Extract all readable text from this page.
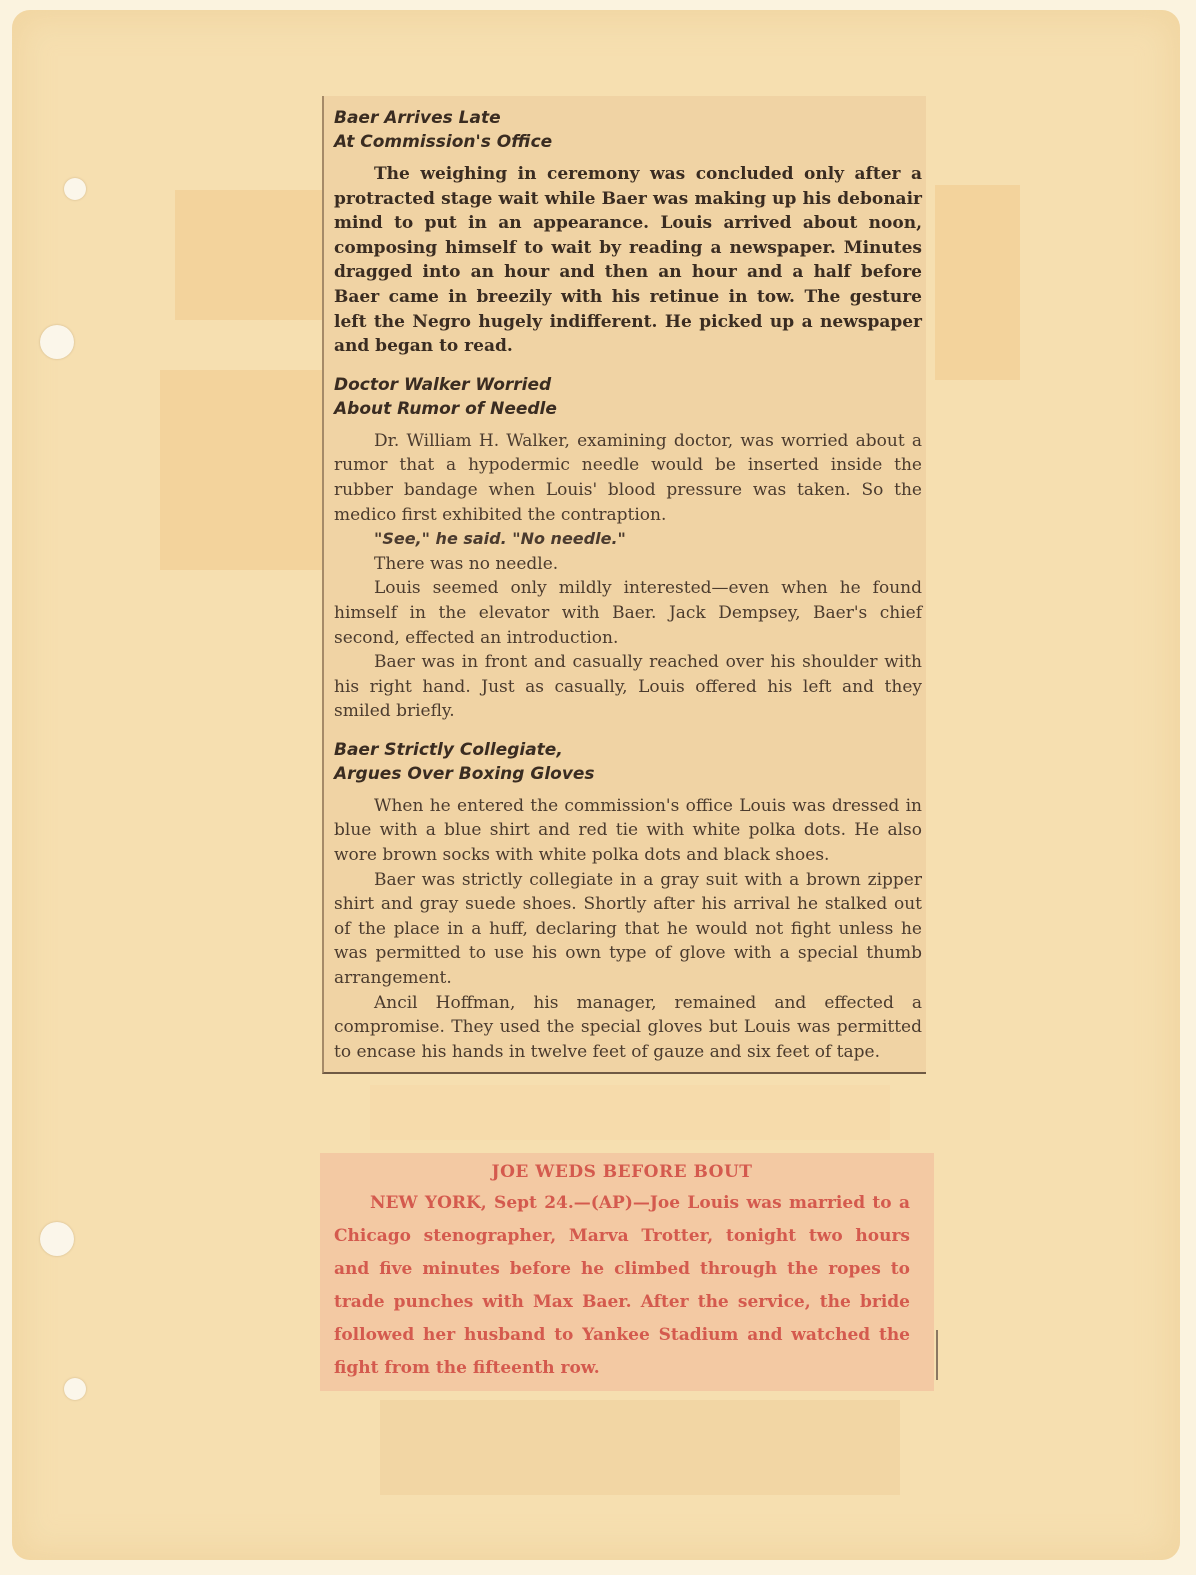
Baer Arrives Late

At Commission's Office

The weighing in ceremony was concluded only after a protracted stage wait while Baer was making up his debonair mind to put in an appearance. Louis arrived about noon, composing himself to wait by reading a newspaper. Minutes dragged into an hour and then an hour and a half before Baer came in breezily with his retinue in tow. The gesture left the Negro hugely indifferent. He picked up a newspaper and began to read.

Doctor Walker Worried

About Rumor of Needle

Dr. William H. Walker, examining doctor, was worried about a rumor that a hypodermic needle would be inserted inside the rubber bandage when Louis' blood pressure was taken. So the medico first exhibited the contraption.

"See," he said. "No needle."

There was no needle.

Louis seemed only mildly interested—even when he found himself in the elevator with Baer. Jack Dempsey, Baer's chief second, effected an introduction.

Baer was in front and casually reached over his shoulder with his right hand. Just as casually, Louis offered his left and they smiled briefly.

Baer Strictly Collegiate,

Argues Over Boxing Gloves

When he entered the commission's office Louis was dressed in blue with a blue shirt and red tie with white polka dots. He also wore brown socks with white polka dots and black shoes.

Baer was strictly collegiate in a gray suit with a brown zipper shirt and gray suede shoes. Shortly after his arrival he stalked out of the place in a huff, declaring that he would not fight unless he was permitted to use his own type of glove with a special thumb arrangement.

Ancil Hoffman, his manager, remained and effected a compromise. They used the special gloves but Louis was permitted to encase his hands in twelve feet of gauze and six feet of tape.

JOE WEDS BEFORE BOUT

NEW YORK, Sept 24.—(AP)—Joe Louis was married to a Chicago stenographer, Marva Trotter, tonight two hours and five minutes before he climbed through the ropes to trade punches with Max Baer. After the service, the bride followed her husband to Yankee Stadium and watched the fight from the fifteenth row.
